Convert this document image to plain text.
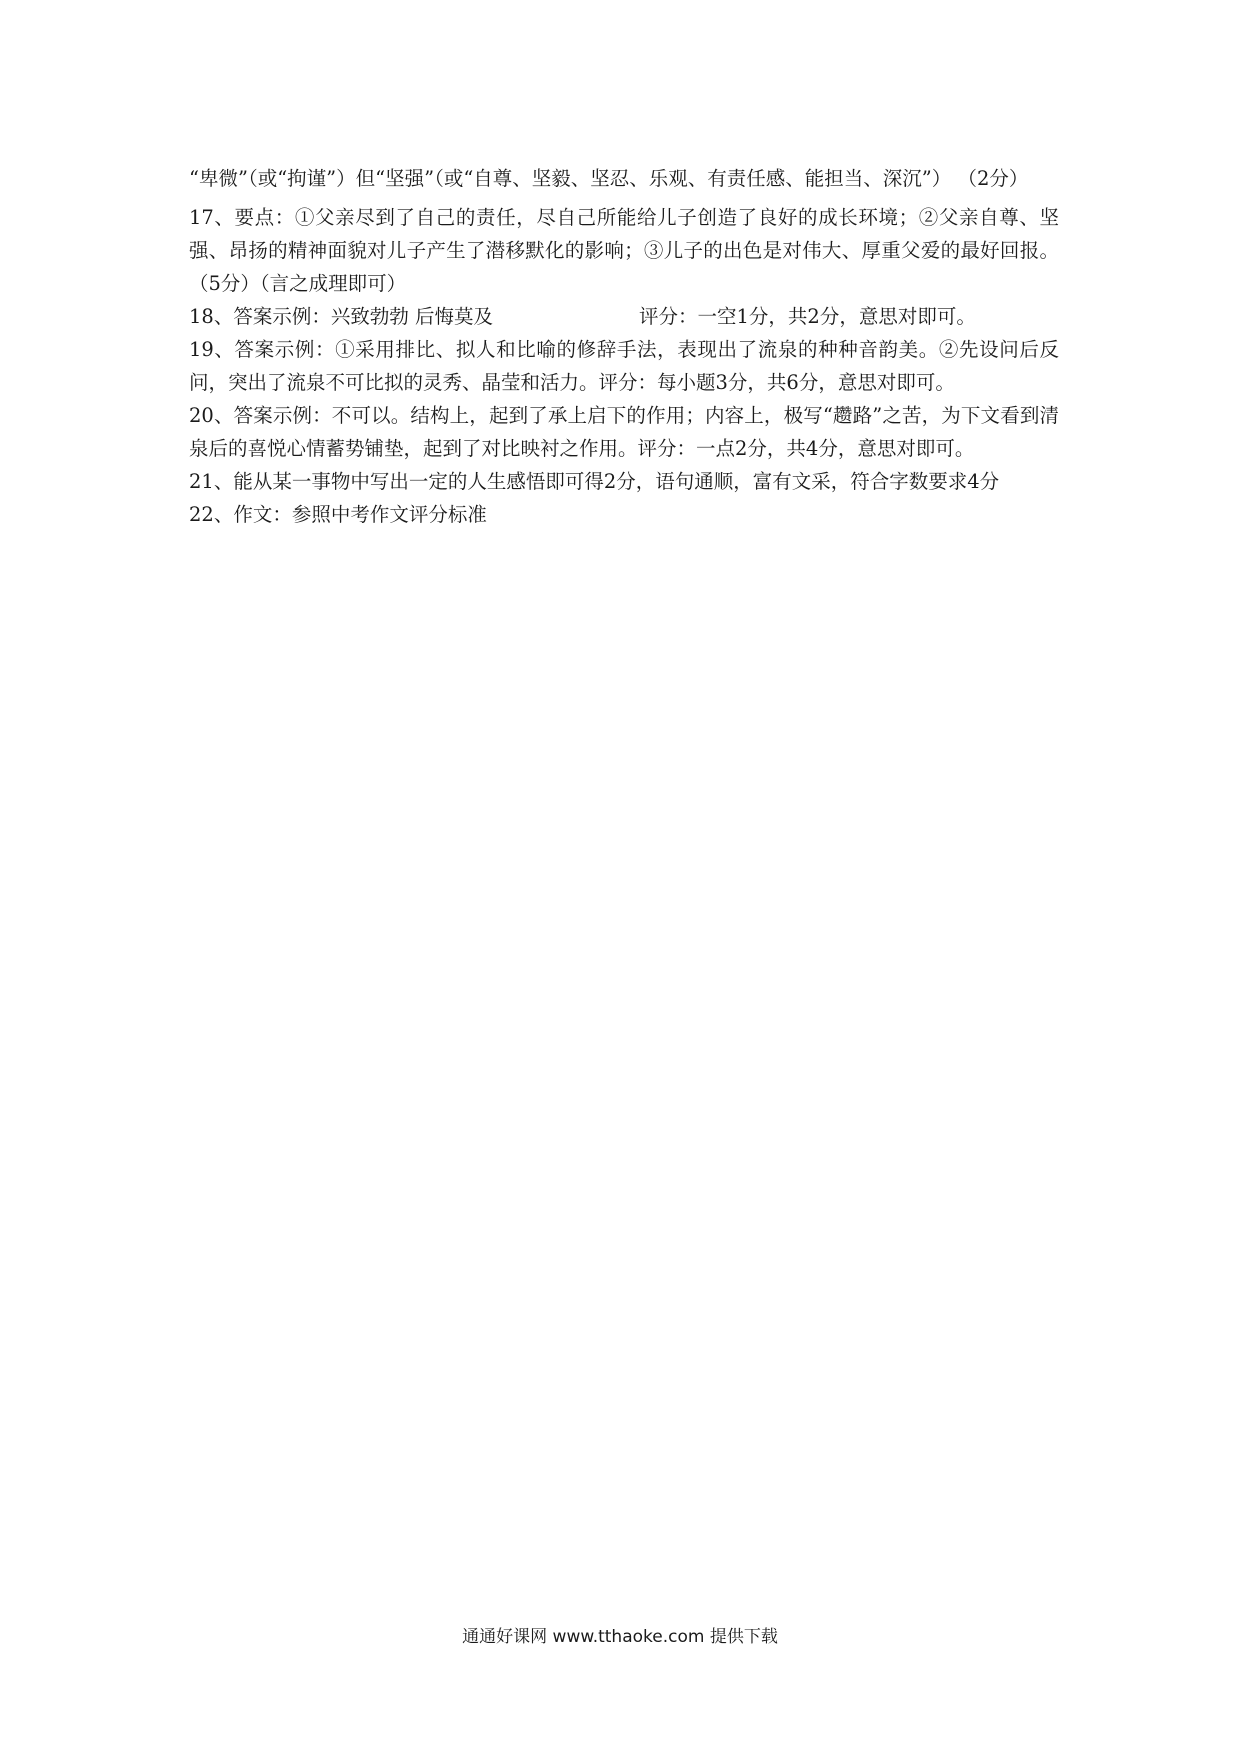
“卑微”（或“拘谨”）但“坚强”（或“自尊、坚毅、坚忍、乐观、有责任感、能担当、深沉”） （2分）

17、要点：①父亲尽到了自己的责任，尽自己所能给儿子创造了良好的成长环境；②父亲自尊、坚强、昂扬的精神面貌对儿子产生了潜移默化的影响；③儿子的出色是对伟大、厚重父爱的最好回报。（5分）（言之成理即可）

18、答案示例：兴致勃勃 后悔莫及	评分：一空1分，共2分，意思对即可。

19、答案示例：①采用排比、拟人和比喻的修辞手法，表现出了流泉的种种音韵美。②先设问后反问，突出了流泉不可比拟的灵秀、晶莹和活力。评分：每小题3分，共6分，意思对即可。

20、答案示例：不可以。结构上，起到了承上启下的作用；内容上，极写“趱路”之苦，为下文看到清泉后的喜悦心情蓄势铺垫，起到了对比映衬之作用。评分：一点2分，共4分，意思对即可。

21、能从某一事物中写出一定的人生感悟即可得2分，语句通顺，富有文采，符合字数要求4分

22、作文：参照中考作文评分标准

通通好课网 www.tthaoke.com 提供下载
